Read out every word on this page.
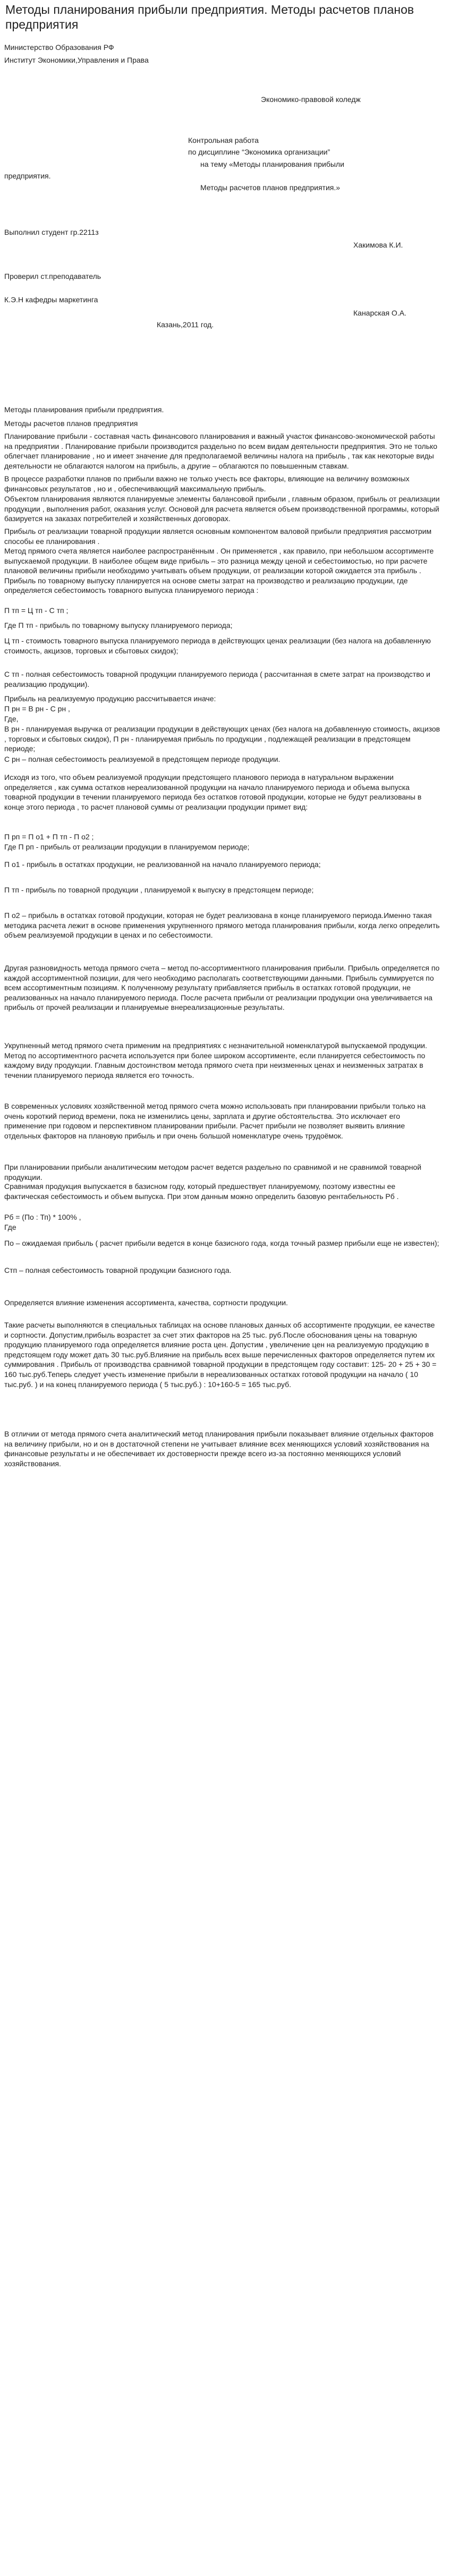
Методы планирования прибыли предприятия. Методы расчетов планов предприятия
Министерство Образования РФ
Институт Экономики,Управления и Права
Экономико-правовой коледж
Контрольная работа
по дисциплине “Экономика организации”
на тему «Методы планирования прибыли
предприятия.
Методы расчетов планов предприятия.»
Выполнил студент гр.2211з
Хакимова К.И.
Проверил ст.преподаватель
К.Э.Н кафедры маркетинга
Канарская О.А.
Казань,2011 год.
Методы планирования прибыли предприятия.
Методы расчетов планов предприятия

Планирование прибыли - составная часть финансового планирования и важный участок финансово-экономической работы на предприятии . Планирование прибыли производится раздельно по всем видам деятельности предприятия. Это не только облегчает планирование , но и имеет значение для предполагаемой величины налога на прибыль , так как некоторые виды деятельности не облагаются налогом на прибыль, а другие – облагаются по повышенным ставкам.

В процессе разработки планов по прибыли важно не только учесть все факторы, влияющие на величину возможных финансовых результатов , но и , обеспечивающий максимальную прибыль.

Объектом планирования являются планируемые элементы балансовой прибыли , главным образом, прибыль от реализации продукции , выполнения работ, оказания услуг. Основой для расчета является объем производственной программы, который базируется на заказах потребителей и хозяйственных договорах.

Прибыль от реализации товарной продукции является основным компонентом валовой прибыли предприятия рассмотрим способы ее планирования .

Метод прямого счета является наиболее распространённым . Он применяется , как правило, при небольшом ассортименте выпускаемой продукции. В наиболее общем виде прибыль – это разница между ценой и себестоимостью, но при расчете плановой величины прибыли необходимо учитывать объем продукции, от реализации которой ожидается эта прибыль . Прибыль по товарному выпуску планируется на основе сметы затрат на производство и реализацию продукции, где определяется себестоимость товарного выпуска планируемого периода :

П тп = Ц тп - С тп ;

Где П тп - прибыль по товарному выпуску планируемого периода;

Ц тп - стоимость товарного выпуска планируемого периода в действующих ценах реализации (без налога на добавленную стоимость, акцизов, торговых и сбытовых скидок);

С тп - полная себестоимость товарной продукции планируемого периода ( рассчитанная в смете затрат на производство и реализацию продукции).

Прибыль на реализуемую продукцию рассчитывается иначе:

П рн = В рн - С рн ,

Где,

В рн - планируемая выручка от реализации продукции в действующих ценах (без налога на добавленную стоимость, акцизов , торговых и сбытовых скидок), П рн - планируемая прибыль по продукции , подлежащей реализации в предстоящем периоде;

С рн – полная себестоимость реализуемой в предстоящем периоде продукции.

Исходя из того, что объем реализуемой продукции предстоящего планового периода в натуральном выражении определяется , как сумма остатков нереализованной продукции на начало планируемого периода и объема выпуска товарной продукции в течении планируемого периода без остатков готовой продукции, которые не будут реализованы в конце этого периода , то расчет плановой суммы от реализации продукции примет вид:

П рп = П о1 + П тп - П о2 ;

Где П рп - прибыль от реализации продукции в планируемом периоде;

П о1 - прибыль в остатках продукции, не реализованной на начало планируемого периода;

П тп - прибыль по товарной продукции , планируемой к выпуску в предстоящем периоде;

П о2 – прибыль в остатках готовой продукции, которая не будет реализована в конце планируемого периода.Именно такая методика расчета лежит в основе применения укрупненного прямого метода планирования прибыли, когда легко определить объем реализуемой продукции в ценах и по себестоимости.

Другая разновидность метода прямого счета – метод по-ассортиментного планирования прибыли. Прибыль определяется по каждой ассортиментной позиции, для чего необходимо располагать соответствующими данными. Прибыль суммируется по всем ассортиментным позициям. К полученному результату прибавляется прибыль в остатках готовой продукции, не реализованных на начало планируемого периода. После расчета прибыли от реализации продукции она увеличивается на прибыль от прочей реализации и планируемые внереализационные результаты.

Укрупненный метод прямого счета применим на предприятиях с незначительной номенклатурой выпускаемой продукции. Метод по ассортиментного расчета используется при более широком ассортименте, если планируется себестоимость по каждому виду продукции. Главным достоинством метода прямого счета при неизменных ценах и неизменных затратах в течении планируемого периода является его точность.

В современных условиях хозяйственной метод прямого счета можно использовать при планировании прибыли только на очень короткий период времени, пока не изменились цены, зарплата и другие обстоятельства. Это исключает его применение при годовом и перспективном планировании прибыли. Расчет прибыли не позволяет выявить влияние отдельных факторов на плановую прибыль и при очень большой номенклатуре очень трудоёмок.

При планировании прибыли аналитическим методом расчет ведется раздельно по сравнимой и не сравнимой товарной продукции.

Сравнимая продукция выпускается в базисном году, который предшествует планируемому, поэтому известны ее фактическая себестоимость и объем выпуска. При этом данным можно определить базовую рентабельность Рб .

Рб = (По : Тп) * 100% ,

Где

По – ожидаемая прибыль ( расчет прибыли ведется в конце базисного года, когда точный размер прибыли еще не известен);

Стп – полная себестоимость товарной продукции базисного года.

Определяется влияние изменения ассортимента, качества, сортности продукции.

Такие расчеты выполняются в специальных таблицах на основе плановых данных об ассортименте продукции, ее качестве и сортности. Допустим,прибыль возрастет за счет этих факторов на 25 тыс. руб.После обоснования цены на товарную продукцию планируемого года определяется влияние роста цен. Допустим , увеличение цен на реализуемую продукцию в предстоящем году может дать 30 тыс.руб.Влияние на прибыль всех выше перечисленных факторов определяется путем их суммирования . Прибыль от производства сравнимой товарной продукции в предстоящем году составит: 125- 20 + 25 + 30 = 160 тыс.руб.Теперь следует учесть изменение прибыли в нереализованных остатках готовой продукции на начало ( 10 тыс.руб. ) и на конец планируемого периода ( 5 тыс.руб.) : 10+160-5 = 165 тыс.руб.

В отличии от метода прямого счета аналитический метод планирования прибыли показывает влияние отдельных факторов на величину прибыли, но и он в достаточной степени не учитывает влияние всех меняющихся условий хозяйствования на финансовые результаты и не обеспечивает их достоверности прежде всего из-за постоянно меняющихся условий хозяйствования.
